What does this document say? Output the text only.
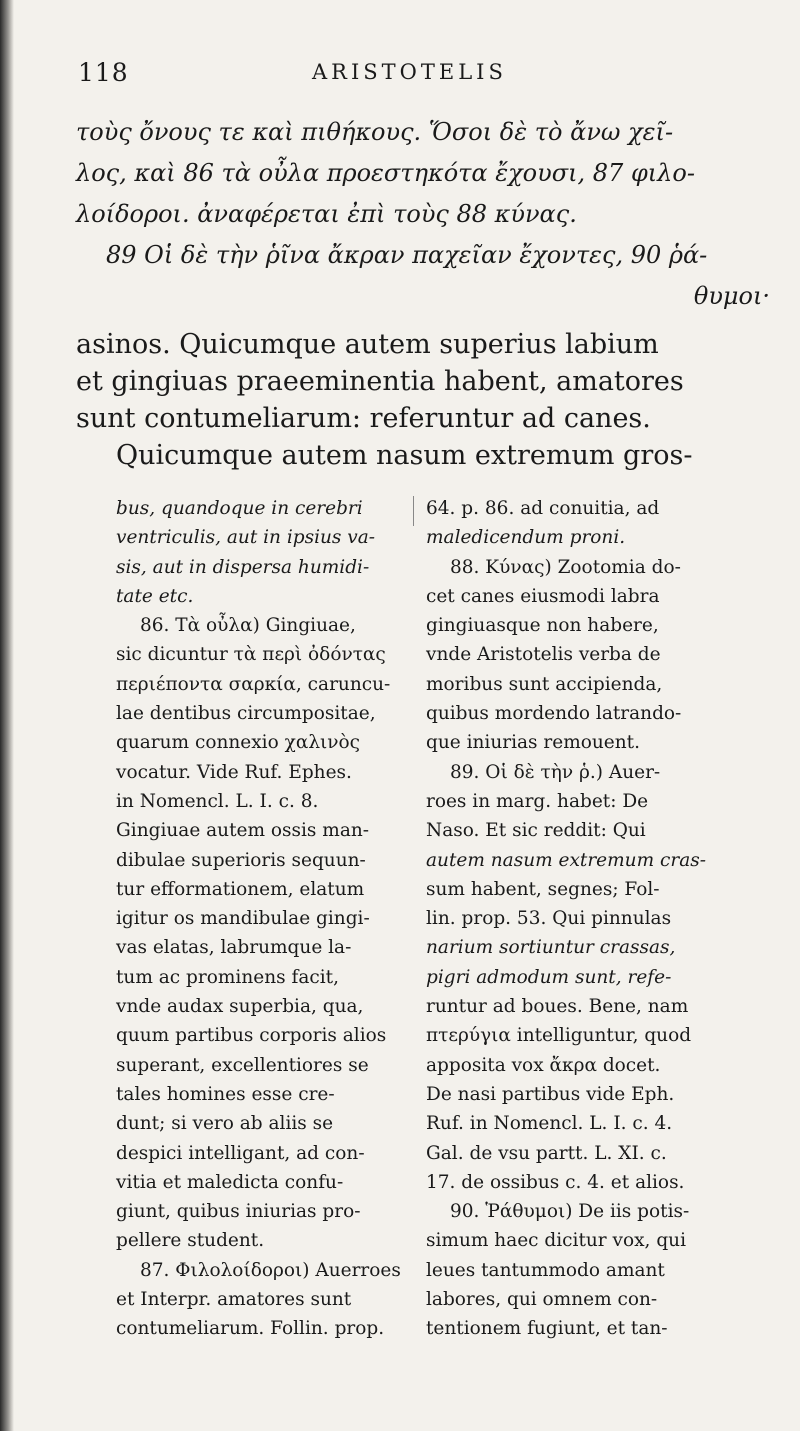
118	ARISTOTELIS

τοὺς ὄνους τε καὶ πιθήκους. Ὅσοι δὲ τὸ ἄνω χεῖ-

λος, καὶ 86 τὰ οὖλα προεστηκότα ἔχουσι, 87 φιλο-

λοίδοροι. ἀναφέρεται ἐπὶ τοὺς 88 κύνας.

89 Οἱ δὲ τὴν ῥῖνα ἄκραν παχεῖαν ἔχοντες, 90 ῥά-

θυμοι·

asinos. Quicumque autem superius labium

et gingiuas praeeminentia habent, amatores

sunt contumeliarum: referuntur ad canes.

Quicumque autem nasum extremum gros-

bus, quandoque in cerebri

ventriculis, aut in ipsius va-

sis, aut in dispersa humidi-

tate etc.

86. Τὰ οὖλα) Gingiuae,

sic dicuntur τὰ περὶ ὀδόντας

περιέποντα σαρκία, caruncu-

lae dentibus circumpositae,

quarum connexio χαλινὸς

vocatur. Vide Ruf. Ephes.

in Nomencl. L. I. c. 8.

Gingiuae autem ossis man-

dibulae superioris sequun-

tur efformationem, elatum

igitur os mandibulae gingi-

vas elatas, labrumque la-

tum ac prominens facit,

vnde audax superbia, qua,

quum partibus corporis alios

superant, excellentiores se

tales homines esse cre-

dunt; si vero ab aliis se

despici intelligant, ad con-

vitia et maledicta confu-

giunt, quibus iniurias pro-

pellere student.

87. Φιλολοίδοροι) Auerroes

et Interpr. amatores sunt

contumeliarum. Follin. prop.

64. p. 86. ad conuitia, ad

maledicendum proni.

88. Κύνας) Zootomia do-

cet canes eiusmodi labra

gingiuasque non habere,

vnde Aristotelis verba de

moribus sunt accipienda,

quibus mordendo latrando-

que iniurias remouent.

89. Οἱ δὲ τὴν ῥ.) Auer-

roes in marg. habet: De

Naso. Et sic reddit: Qui

autem nasum extremum cras-

sum habent, segnes; Fol-

lin. prop. 53. Qui pinnulas

narium sortiuntur crassas,

pigri admodum sunt, refe-

runtur ad boues. Bene, nam

πτερύγια intelliguntur, quod

apposita vox ἄκρα docet.

De nasi partibus vide Eph.

Ruf. in Nomencl. L. I. c. 4.

Gal. de vsu partt. L. XI. c.

17. de ossibus c. 4. et alios.

90. Ῥάθυμοι) De iis potis-

simum haec dicitur vox, qui

leues tantummodo amant

labores, qui omnem con-

tentionem fugiunt, et tan-
